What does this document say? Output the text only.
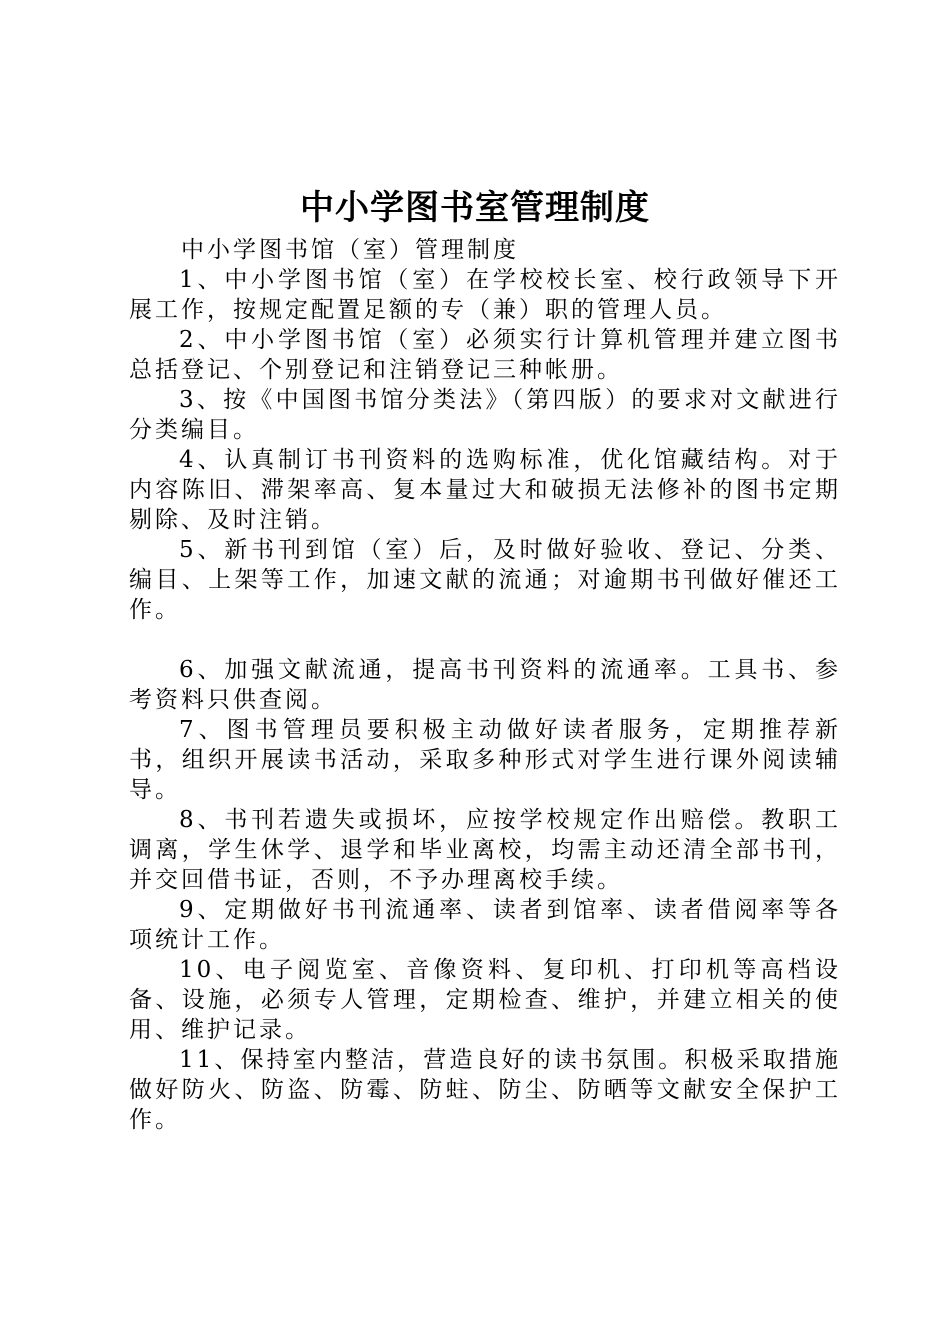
中小学图书室管理制度

中小学图书馆（室）管理制度

1、中小学图书馆（室）在学校校长室、校行政领导下开展工作，按规定配置足额的专（兼）职的管理人员。

2、中小学图书馆（室）必须实行计算机管理并建立图书总括登记、个别登记和注销登记三种帐册。

3、按《中国图书馆分类法》（第四版）的要求对文献进行分类编目。

4、认真制订书刊资料的选购标准，优化馆藏结构。对于内容陈旧、滞架率高、复本量过大和破损无法修补的图书定期剔除、及时注销。

5、新书刊到馆（室）后，及时做好验收、登记、分类、编目、上架等工作，加速文献的流通；对逾期书刊做好催还工作。

6、加强文献流通，提高书刊资料的流通率。工具书、参考资料只供查阅。

7、图书管理员要积极主动做好读者服务，定期推荐新书，组织开展读书活动，采取多种形式对学生进行课外阅读辅导。

8、书刊若遗失或损坏，应按学校规定作出赔偿。教职工调离，学生休学、退学和毕业离校，均需主动还清全部书刊，并交回借书证，否则，不予办理离校手续。

9、定期做好书刊流通率、读者到馆率、读者借阅率等各项统计工作。

10、电子阅览室、音像资料、复印机、打印机等高档设备、设施，必须专人管理，定期检查、维护，并建立相关的使用、维护记录。

11、保持室内整洁，营造良好的读书氛围。积极采取措施做好防火、防盗、防霉、防蛀、防尘、防晒等文献安全保护工作。
